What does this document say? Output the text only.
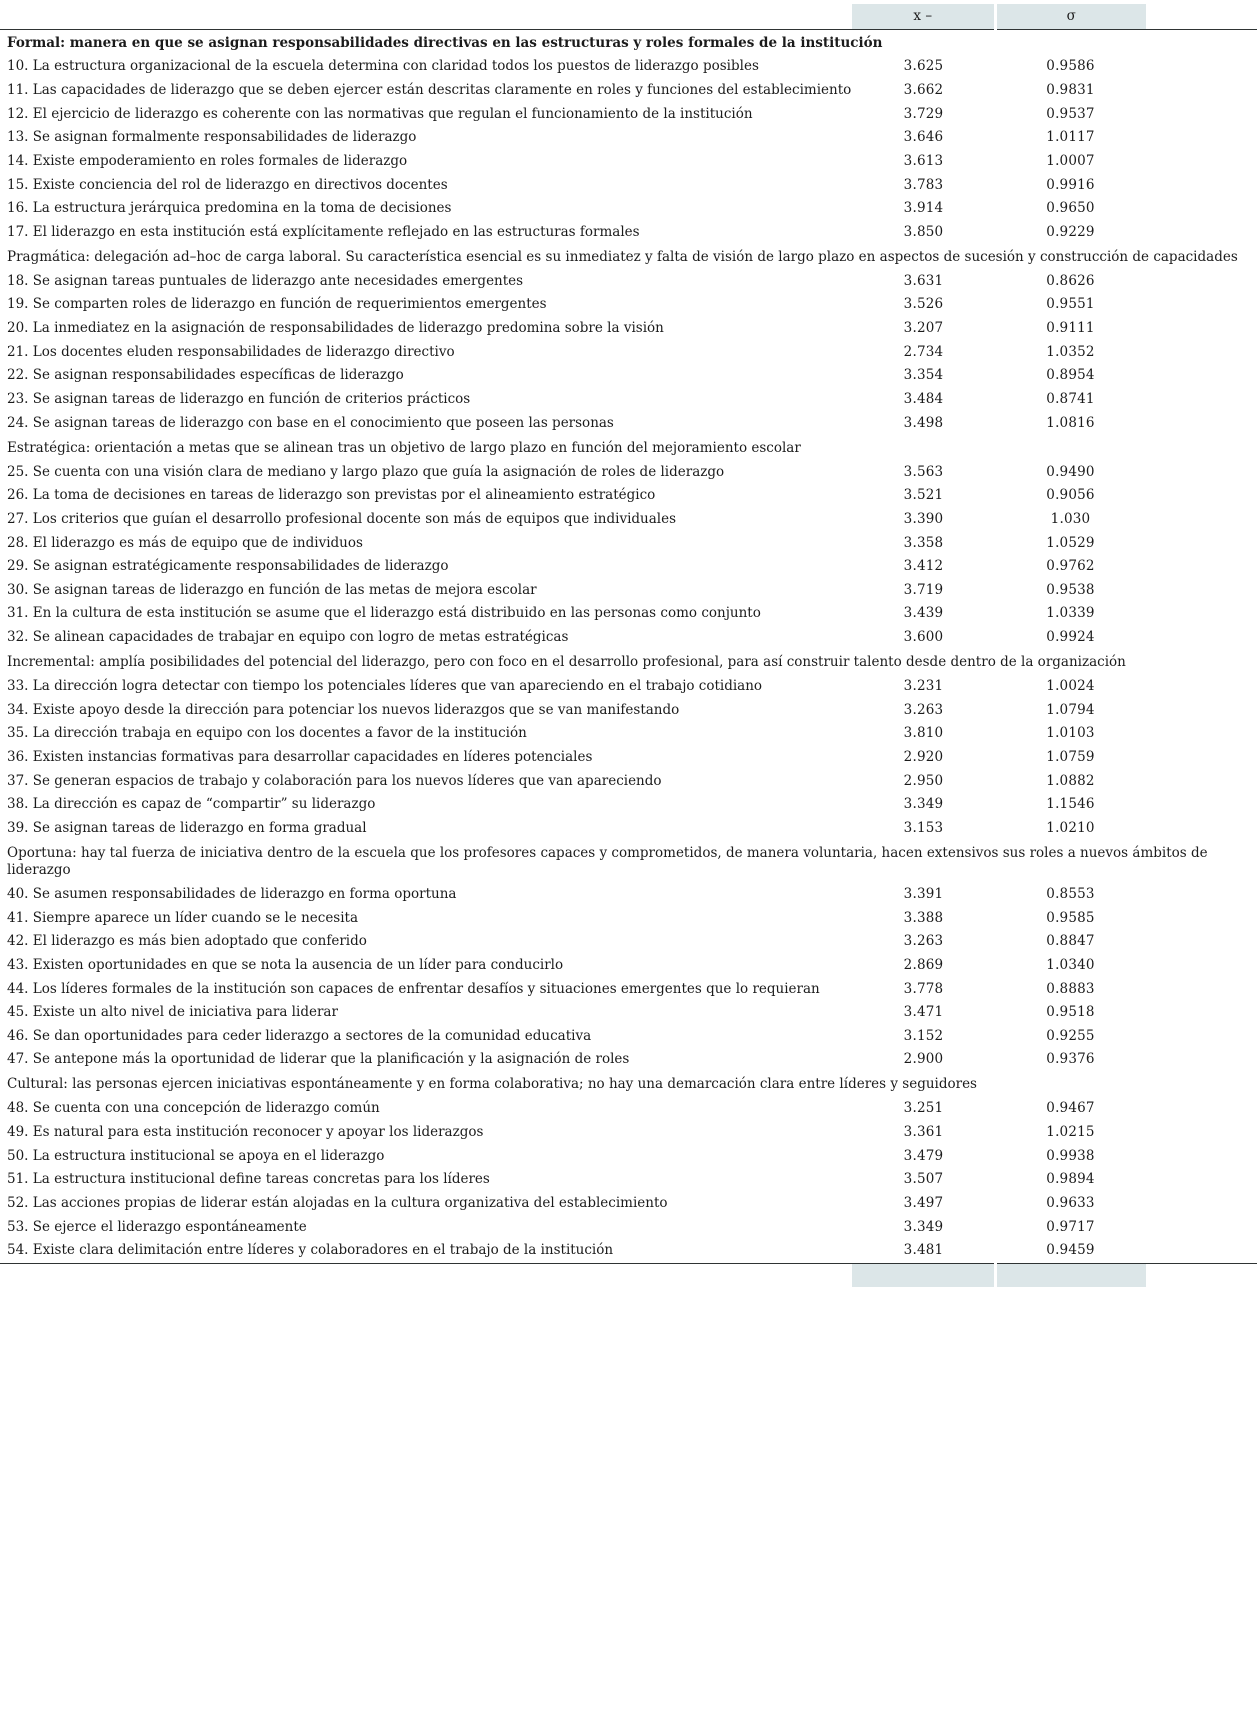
	x –	σ	
Formal: manera en que se asignan responsabilidades directivas en las estructuras y roles formales de la institución			
10. La estructura organizacional de la escuela determina con claridad todos los puestos de liderazgo posibles	3.625	0.9586	
11. Las capacidades de liderazgo que se deben ejercer están descritas claramente en roles y funciones del establecimiento	3.662	0.9831	
12. El ejercicio de liderazgo es coherente con las normativas que regulan el funcionamiento de la institución	3.729	0.9537	
13. Se asignan formalmente responsabilidades de liderazgo	3.646	1.0117	
14. Existe empoderamiento en roles formales de liderazgo	3.613	1.0007	
15. Existe conciencia del rol de liderazgo en directivos docentes	3.783	0.9916	
16. La estructura jerárquica predomina en la toma de decisiones	3.914	0.9650	
17. El liderazgo en esta institución está explícitamente reflejado en las estructuras formales	3.850	0.9229	
Pragmática: delegación ad–hoc de carga laboral. Su característica esencial es su inmediatez y falta de visión de largo plazo en aspectos de sucesión y construcción de capacidades			
18. Se asignan tareas puntuales de liderazgo ante necesidades emergentes	3.631	0.8626	
19. Se comparten roles de liderazgo en función de requerimientos emergentes	3.526	0.9551	
20. La inmediatez en la asignación de responsabilidades de liderazgo predomina sobre la visión	3.207	0.9111	
21. Los docentes eluden responsabilidades de liderazgo directivo	2.734	1.0352	
22. Se asignan responsabilidades específicas de liderazgo	3.354	0.8954	
23. Se asignan tareas de liderazgo en función de criterios prácticos	3.484	0.8741	
24. Se asignan tareas de liderazgo con base en el conocimiento que poseen las personas	3.498	1.0816	
Estratégica: orientación a metas que se alinean tras un objetivo de largo plazo en función del mejoramiento escolar			
25. Se cuenta con una visión clara de mediano y largo plazo que guía la asignación de roles de liderazgo	3.563	0.9490	
26. La toma de decisiones en tareas de liderazgo son previstas por el alineamiento estratégico	3.521	0.9056	
27. Los criterios que guían el desarrollo profesional docente son más de equipos que individuales	3.390	1.030	
28. El liderazgo es más de equipo que de individuos	3.358	1.0529	
29. Se asignan estratégicamente responsabilidades de liderazgo	3.412	0.9762	
30. Se asignan tareas de liderazgo en función de las metas de mejora escolar	3.719	0.9538	
31. En la cultura de esta institución se asume que el liderazgo está distribuido en las personas como conjunto	3.439	1.0339	
32. Se alinean capacidades de trabajar en equipo con logro de metas estratégicas	3.600	0.9924	
Incremental: amplía posibilidades del potencial del liderazgo, pero con foco en el desarrollo profesional, para así construir talento desde dentro de la organización			
33. La dirección logra detectar con tiempo los potenciales líderes que van apareciendo en el trabajo cotidiano	3.231	1.0024	
34. Existe apoyo desde la dirección para potenciar los nuevos liderazgos que se van manifestando	3.263	1.0794	
35. La dirección trabaja en equipo con los docentes a favor de la institución	3.810	1.0103	
36. Existen instancias formativas para desarrollar capacidades en líderes potenciales	2.920	1.0759	
37. Se generan espacios de trabajo y colaboración para los nuevos líderes que van apareciendo	2.950	1.0882	
38. La dirección es capaz de “compartir” su liderazgo	3.349	1.1546	
39. Se asignan tareas de liderazgo en forma gradual	3.153	1.0210	
Oportuna: hay tal fuerza de iniciativa dentro de la escuela que los profesores capaces y comprometidos, de manera voluntaria, hacen extensivos sus roles a nuevos ámbitos de liderazgo			
40. Se asumen responsabilidades de liderazgo en forma oportuna	3.391	0.8553	
41. Siempre aparece un líder cuando se le necesita	3.388	0.9585	
42. El liderazgo es más bien adoptado que conferido	3.263	0.8847	
43. Existen oportunidades en que se nota la ausencia de un líder para conducirlo	2.869	1.0340	
44. Los líderes formales de la institución son capaces de enfrentar desafíos y situaciones emergentes que lo requieran	3.778	0.8883	
45. Existe un alto nivel de iniciativa para liderar	3.471	0.9518	
46. Se dan oportunidades para ceder liderazgo a sectores de la comunidad educativa	3.152	0.9255	
47. Se antepone más la oportunidad de liderar que la planificación y la asignación de roles	2.900	0.9376	
Cultural: las personas ejercen iniciativas espontáneamente y en forma colaborativa; no hay una demarcación clara entre líderes y seguidores			
48. Se cuenta con una concepción de liderazgo común	3.251	0.9467	
49. Es natural para esta institución reconocer y apoyar los liderazgos	3.361	1.0215	
50. La estructura institucional se apoya en el liderazgo	3.479	0.9938	
51. La estructura institucional define tareas concretas para los líderes	3.507	0.9894	
52. Las acciones propias de liderar están alojadas en la cultura organizativa del establecimiento	3.497	0.9633	
53. Se ejerce el liderazgo espontáneamente	3.349	0.9717	
54. Existe clara delimitación entre líderes y colaboradores en el trabajo de la institución	3.481	0.9459	
